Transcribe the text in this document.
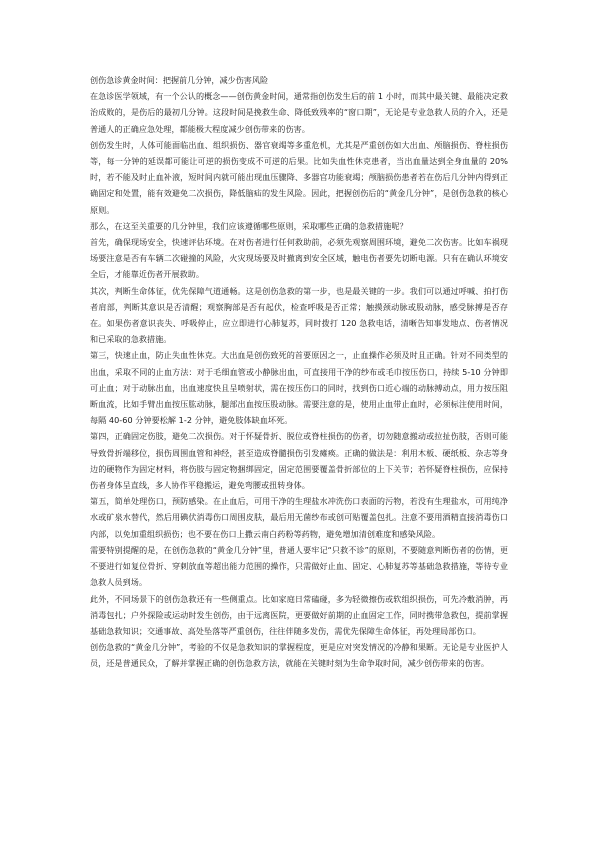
创伤急诊黄金时间：把握前几分钟，减少伤害风险

在急诊医学领域，有一个公认的概念——创伤黄金时间，通常指创伤发生后的前 1 小时，而其中最关键、最能决定救治成败的，是伤后的最初几分钟。这段时间是挽救生命、降低致残率的“窗口期”，无论是专业急救人员的介入，还是普通人的正确应急处理，都能极大程度减少创伤带来的伤害。

创伤发生时，人体可能面临出血、组织损伤、器官衰竭等多重危机，尤其是严重创伤如大出血、颅脑损伤、脊柱损伤等，每一分钟的延误都可能让可逆的损伤变成不可逆的后果。比如失血性休克患者，当出血量达到全身血量的 20%时，若不能及时止血补液，短时间内就可能出现血压骤降、多器官功能衰竭；颅脑损伤患者若在伤后几分钟内得到正确固定和处置，能有效避免二次损伤，降低脑疝的发生风险。因此，把握创伤后的“黄金几分钟”，是创伤急救的核心原则。

那么，在这至关重要的几分钟里，我们应该遵循哪些原则，采取哪些正确的急救措施呢？

首先，确保现场安全，快速评估环境。在对伤者进行任何救助前，必须先观察周围环境，避免二次伤害。比如车祸现场要注意是否有车辆二次碰撞的风险，火灾现场要及时撤离到安全区域，触电伤者要先切断电源。只有在确认环境安全后，才能靠近伤者开展救助。

其次，判断生命体征，优先保障气道通畅。这是创伤急救的第一步，也是最关键的一步。我们可以通过呼喊、拍打伤者肩部，判断其意识是否清醒；观察胸部是否有起伏，检查呼吸是否正常；触摸颈动脉或股动脉，感受脉搏是否存在。如果伤者意识丧失、呼吸停止，应立即进行心肺复苏，同时拨打 120 急救电话，清晰告知事发地点、伤者情况和已采取的急救措施。

第三，快速止血，防止失血性休克。大出血是创伤致死的首要原因之一，止血操作必须及时且正确。针对不同类型的出血，采取不同的止血方法：对于毛细血管或小静脉出血，可直接用干净的纱布或毛巾按压伤口，持续 5-10 分钟即可止血；对于动脉出血，出血速度快且呈喷射状，需在按压伤口的同时，找到伤口近心端的动脉搏动点，用力按压阻断血流，比如手臂出血按压肱动脉，腿部出血按压股动脉。需要注意的是，使用止血带止血时，必须标注使用时间，每隔 40-60 分钟要松解 1-2 分钟，避免肢体缺血坏死。

第四，正确固定伤肢，避免二次损伤。对于怀疑骨折、脱位或脊柱损伤的伤者，切勿随意搬动或拉扯伤肢，否则可能导致骨折端移位，损伤周围血管和神经，甚至造成脊髓损伤引发瘫痪。正确的做法是：利用木板、硬纸板、杂志等身边的硬物作为固定材料，将伤肢与固定物捆绑固定，固定范围要覆盖骨折部位的上下关节；若怀疑脊柱损伤，应保持伤者身体呈直线，多人协作平稳搬运，避免弯腰或扭转身体。

第五，简单处理伤口，预防感染。在止血后，可用干净的生理盐水冲洗伤口表面的污物，若没有生理盐水，可用纯净水或矿泉水替代，然后用碘伏消毒伤口周围皮肤，最后用无菌纱布或创可贴覆盖包扎。注意不要用酒精直接消毒伤口内部，以免加重组织损伤；也不要在伤口上撒云南白药粉等药物，避免增加清创难度和感染风险。

需要特别提醒的是，在创伤急救的“黄金几分钟”里，普通人要牢记“只救不诊”的原则，不要随意判断伤者的伤情，更不要进行如复位骨折、穿刺放血等超出能力范围的操作，只需做好止血、固定、心肺复苏等基础急救措施，等待专业急救人员到场。

此外，不同场景下的创伤急救还有一些侧重点。比如家庭日常磕碰，多为轻微擦伤或软组织损伤，可先冷敷消肿，再消毒包扎；户外探险或运动时发生创伤，由于远离医院，更要做好前期的止血固定工作，同时携带急救包，提前掌握基础急救知识；交通事故、高处坠落等严重创伤，往往伴随多发伤，需优先保障生命体征，再处理局部伤口。

创伤急救的“黄金几分钟”，考验的不仅是急救知识的掌握程度，更是应对突发情况的冷静和果断。无论是专业医护人员，还是普通民众，了解并掌握正确的创伤急救方法，就能在关键时刻为生命争取时间，减少创伤带来的伤害。
